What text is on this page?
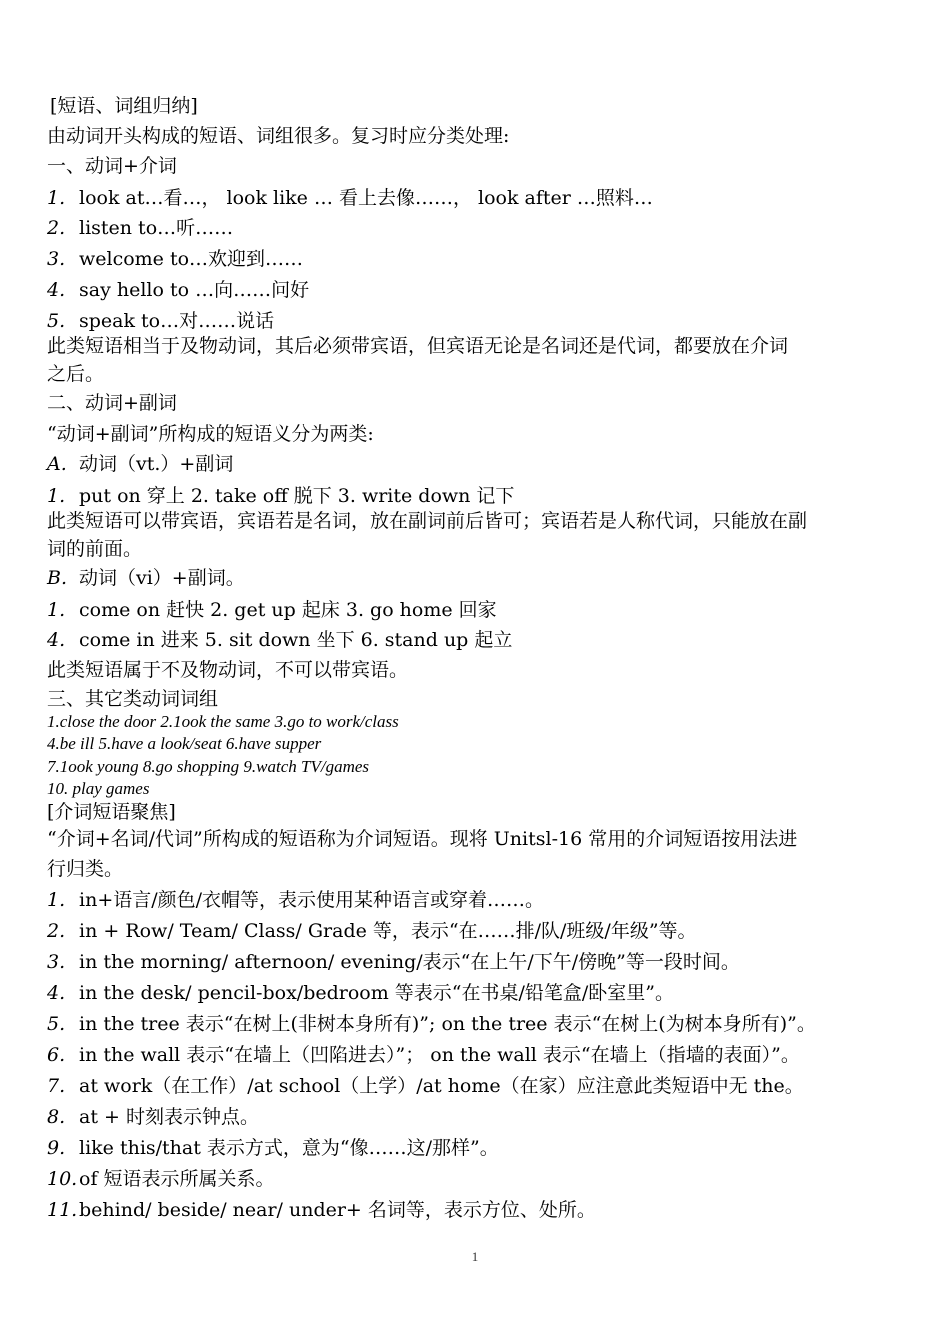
[短语、词组归纳]
由动词开头构成的短语、词组很多。复习时应分类处理:
一、动词+介词
1. look at…看…， look like … 看上去像……， look after …照料…
2. listen to…听……
3. welcome to…欢迎到……
4. say hello to …向……问好
5. speak to…对……说话
此类短语相当于及物动词，其后必须带宾语，但宾语无论是名词还是代词，都要放在介词
之后。
二、动词+副词
“动词+副词”所构成的短语义分为两类:
A. 动词（vt.）+副词
1. put on 穿上 2. take off 脱下 3. write down 记下
此类短语可以带宾语，宾语若是名词，放在副词前后皆可；宾语若是人称代词，只能放在副
词的前面。
B. 动词（vi）+副词。
1. come on 赶快 2. get up 起床 3. go home 回家
4. come in 进来 5. sit down 坐下 6. stand up 起立
此类短语属于不及物动词，不可以带宾语。
三、其它类动词词组
1.close the door 2.1ook the same 3.go to work/class
4.be ill 5.have a look/seat 6.have supper
7.1ook young 8.go shopping 9.watch TV/games
10. play games
[介词短语聚焦]
“介词+名词/代词”所构成的短语称为介词短语。现将 Unitsl-16 常用的介词短语按用法进
行归类。
1. in+语言/颜色/衣帽等，表示使用某种语言或穿着……。
2. in + Row/ Team/ Class/ Grade 等，表示“在……排/队/班级/年级”等。
3. in the morning/ afternoon/ evening/表示“在上午/下午/傍晚”等一段时间。
4. in the desk/ pencil-box/bedroom 等表示“在书桌/铅笔盒/卧室里”。
5. in the tree 表示“在树上(非树本身所有)”; on the tree 表示“在树上(为树本身所有)”。
6. in the wall 表示“在墙上（凹陷进去）”； on the wall 表示“在墙上（指墙的表面）”。
7. at work（在工作）/at school（上学）/at home（在家）应注意此类短语中无 the。
8. at + 时刻表示钟点。
9. like this/that 表示方式，意为“像……这/那样”。
10.of 短语表示所属关系。
11.behind/ beside/ near/ under+ 名词等，表示方位、处所。
1
